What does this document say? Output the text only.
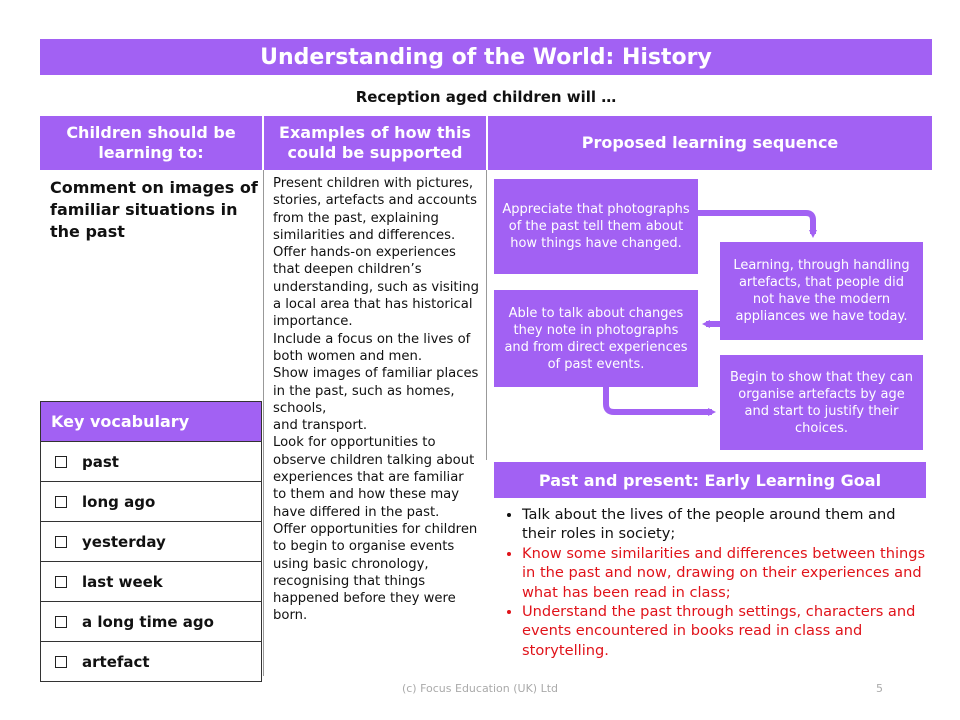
Understanding of the World: History
Reception aged children will …
Children should be learning to:
Examples of how this could be supported
Proposed learning sequence
Comment on images of familiar situations in the past

Present children with pictures, stories, artefacts and accounts from the past, explaining similarities and differences.

Offer hands-on experiences that deepen children’s understanding, such as visiting a local area that has historical importance.

Include a focus on the lives of both women and men.

Show images of familiar places in the past, such as homes, schools,

and transport.

Look for opportunities to observe children talking about experiences that are familiar to them and how these may have differed in the past.

Offer opportunities for children to begin to organise events using basic chronology, recognising that things happened before they were born.

Appreciate that photographs of the past tell them about how things have changed.
Learning, through handling artefacts, that people did not have the modern appliances we have today.
Able to talk about changes they note in photographs and from direct experiences of past events.
Begin to show that they can organise artefacts by age and start to justify their choices.
Key vocabulary
past
long ago
yesterday
last week
a long time ago
artefact
Past and present: Early Learning Goal
• Talk about the lives of the people around them and their roles in society;
• Know some similarities and differences between things in the past and now, drawing on their experiences and what has been read in class;
• Understand the past through settings, characters and events encountered in books read in class and storytelling.
(c) Focus Education (UK) Ltd	5
